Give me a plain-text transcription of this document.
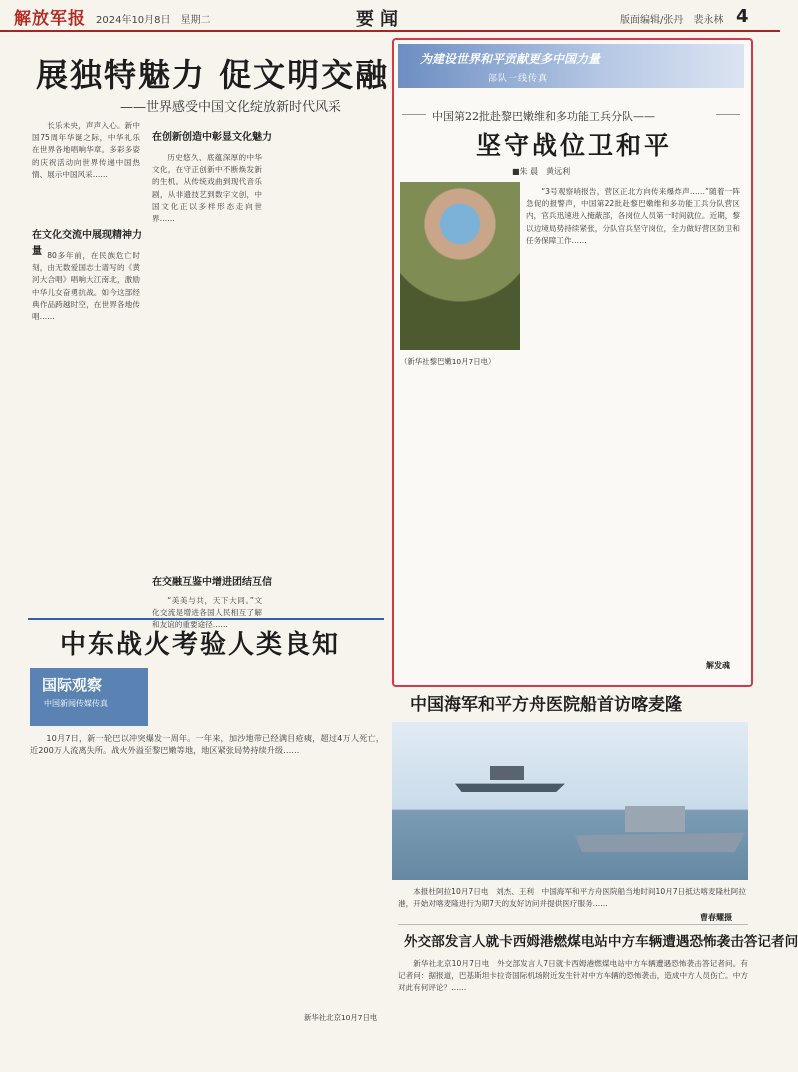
解放军报 2024年10月8日　星期二	要闻	版面编辑/张丹　裴永林 4
展独特魅力 促文明交融
——世界感受中国文化绽放新时代风采

长乐未央，声声入心。新中国75周年华诞之际，中华礼乐在世界各地唱响华章。多彩多姿的庆祝活动向世界传递中国热情、展示中国风采……

在文化交流中展现精神力量 80多年前，在民族危亡时刻，由无数爱国志士谱写的《黄河大合唱》唱响大江南北，激励中华儿女奋勇抗战。如今这部经典作品跨越时空，在世界各地传唱……

在创新创造中彰显文化魅力

历史悠久、底蕴深厚的中华文化，在守正创新中不断焕发新的生机。从传统戏曲到现代音乐剧，从非遗技艺到数字文创，中国文化正以多样形态走向世界……

在交融互鉴中增进团结互信

“美美与共，天下大同。”文化交流是增进各国人民相互了解和友谊的重要途径……

为建设世界和平贡献更多中国力量
部队一线传真
中国第22批赴黎巴嫩维和多功能工兵分队——
坚守战位卫和平
■朱 晨　黄远利

“3号观察哨报告，营区正北方向传来爆炸声……”随着一阵急促的报警声，中国第22批赴黎巴嫩维和多功能工兵分队营区内，官兵迅速进入掩蔽部，各岗位人员第一时间就位。近期，黎以边境局势持续紧张，分队官兵坚守岗位，全力做好营区防卫和任务保障工作……

（新华社黎巴嫩10月7日电）
解发魂
中国海军和平方舟医院船首访喀麦隆

本报杜阿拉10月7日电　刘杰、王利　中国海军和平方舟医院船当地时间10月7日抵达喀麦隆杜阿拉港，开始对喀麦隆进行为期7天的友好访问并提供医疗服务……

曹春耀摄
中东战火考验人类良知
国际观察
中国新闻传媒传真

10月7日，新一轮巴以冲突爆发一周年。一年来，加沙地带已经满目疮痍，超过4万人死亡，近200万人流离失所。战火外溢至黎巴嫩等地，地区紧张局势持续升级……

新华社北京10月7日电
外交部发言人就卡西姆港燃煤电站中方车辆遭遇恐怖袭击答记者问

新华社北京10月7日电　外交部发言人7日就卡西姆港燃煤电站中方车辆遭遇恐怖袭击答记者问。有记者问：据报道，巴基斯坦卡拉奇国际机场附近发生针对中方车辆的恐怖袭击，造成中方人员伤亡。中方对此有何评论？……
